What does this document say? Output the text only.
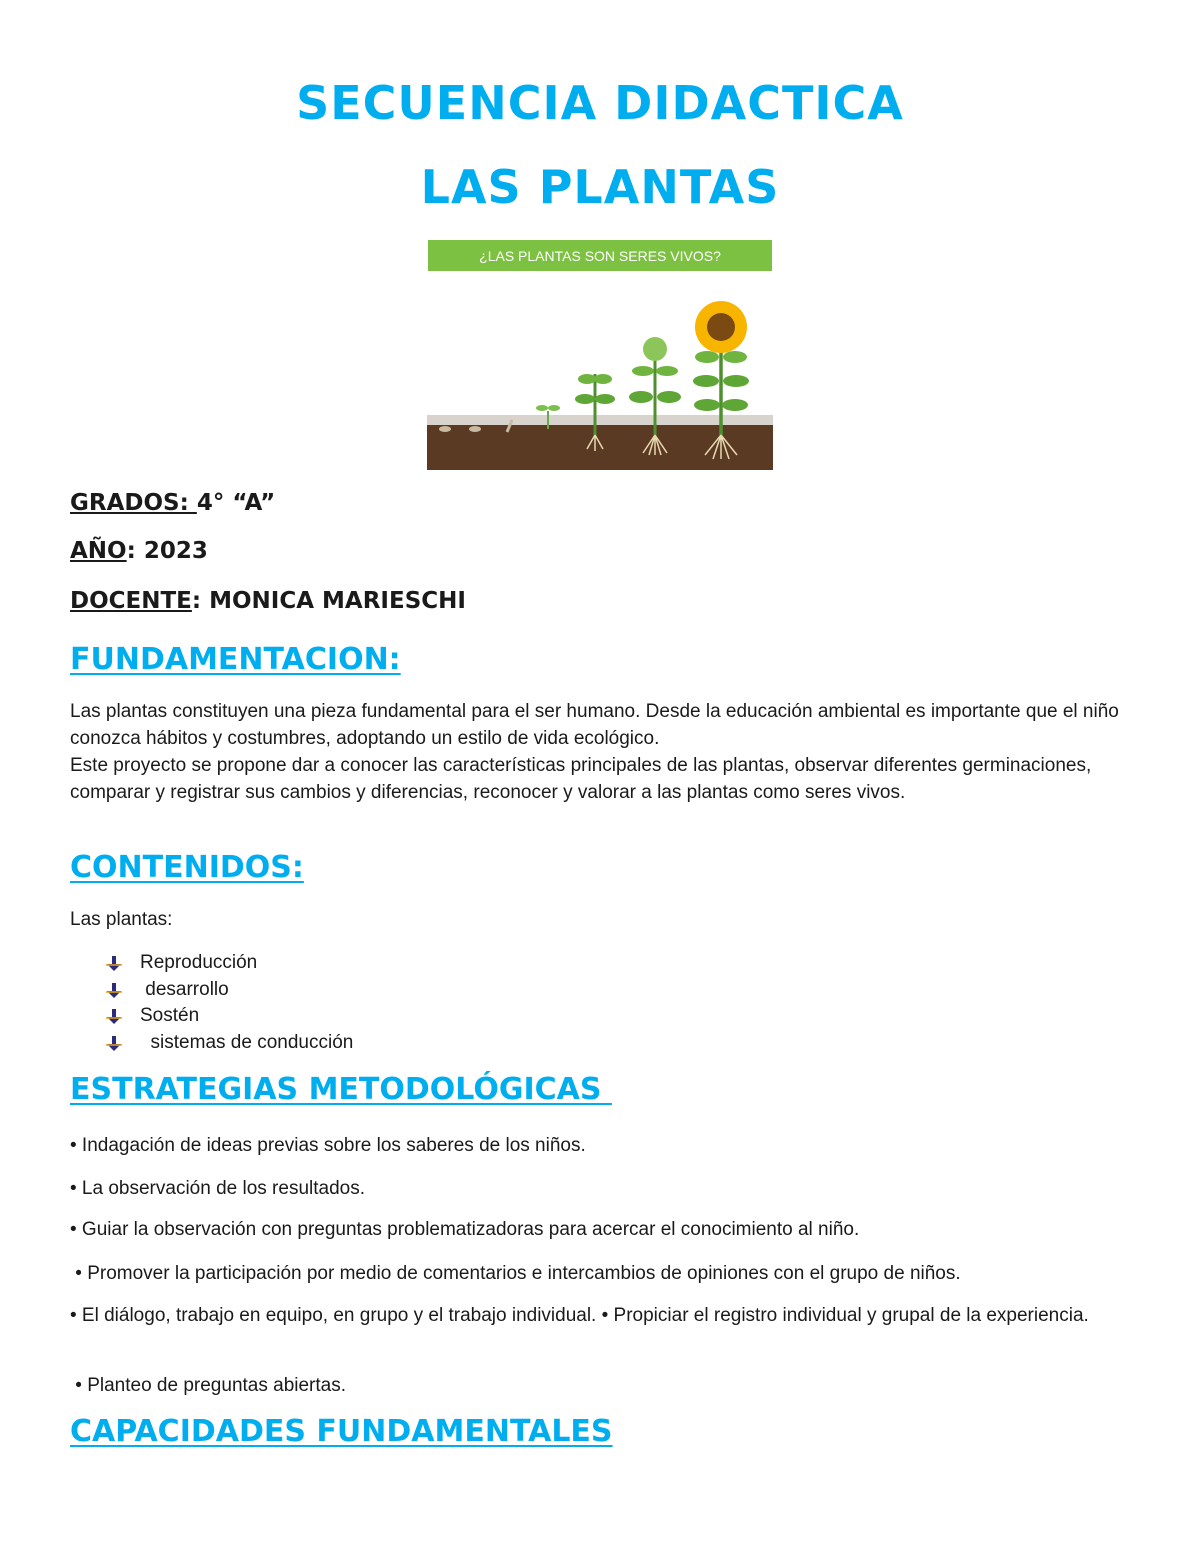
SECUENCIA DIDACTICA
LAS PLANTAS
¿LAS PLANTAS SON SERES VIVOS?

GRADOS: 4° “A”

AÑO: 2023

DOCENTE: MONICA MARIESCHI

FUNDAMENTACION:

Las plantas constituyen una pieza fundamental para el ser humano. Desde la educación ambiental es importante que el niño conozca hábitos y costumbres, adoptando un estilo de vida ecológico.

Este proyecto se propone dar a conocer las características principales de las plantas, observar diferentes germinaciones, comparar y registrar sus cambios y diferencias, reconocer y valorar a las plantas como seres vivos.

CONTENIDOS:

Las plantas:

Reproducción
desarrollo
Sostén
sistemas de conducción
ESTRATEGIAS METODOLÓGICAS

• Indagación de ideas previas sobre los saberes de los niños.

• La observación de los resultados.

• Guiar la observación con preguntas problematizadoras para acercar el conocimiento al niño.

• Promover la participación por medio de comentarios e intercambios de opiniones con el grupo de niños.

• El diálogo, trabajo en equipo, en grupo y el trabajo individual. • Propiciar el registro individual y grupal de la experiencia.

• Planteo de preguntas abiertas.

CAPACIDADES FUNDAMENTALES
